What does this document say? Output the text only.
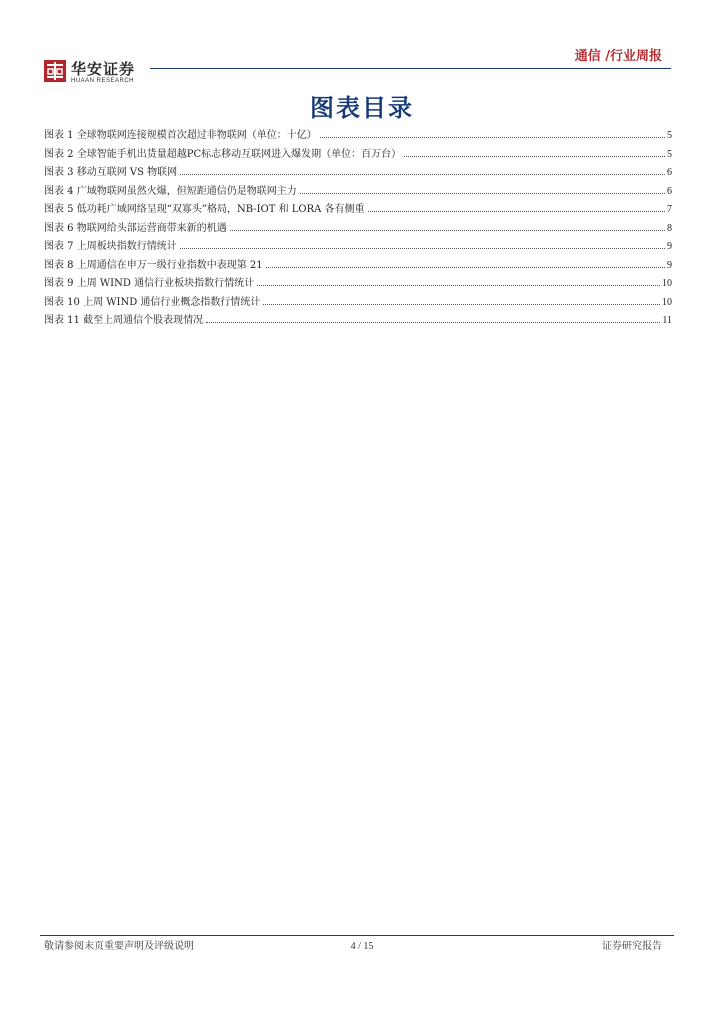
华安证券
HUAAN RESEARCH
通信 /行业周报
图表目录
图表 1 全球物联网连接规模首次超过非物联网（单位：十亿）	5
图表 2 全球智能手机出货量超越PC标志移动互联网进入爆发期（单位：百万台）	5
图表 3 移动互联网 VS 物联网	6
图表 4 广域物联网虽然火爆，但短距通信仍是物联网主力	6
图表 5 低功耗广域网络呈现“双寡头”格局，NB-IOT 和 LORA 各有侧重	7
图表 6 物联网给头部运营商带来新的机遇	8
图表 7 上周板块指数行情统计	9
图表 8 上周通信在申万一级行业指数中表现第 21	9
图表 9 上周 WIND 通信行业板块指数行情统计	10
图表 10 上周 WIND 通信行业概念指数行情统计	10
图表 11 截至上周通信个股表现情况	11
敬请参阅末页重要声明及评级说明	4 / 15	证券研究报告
